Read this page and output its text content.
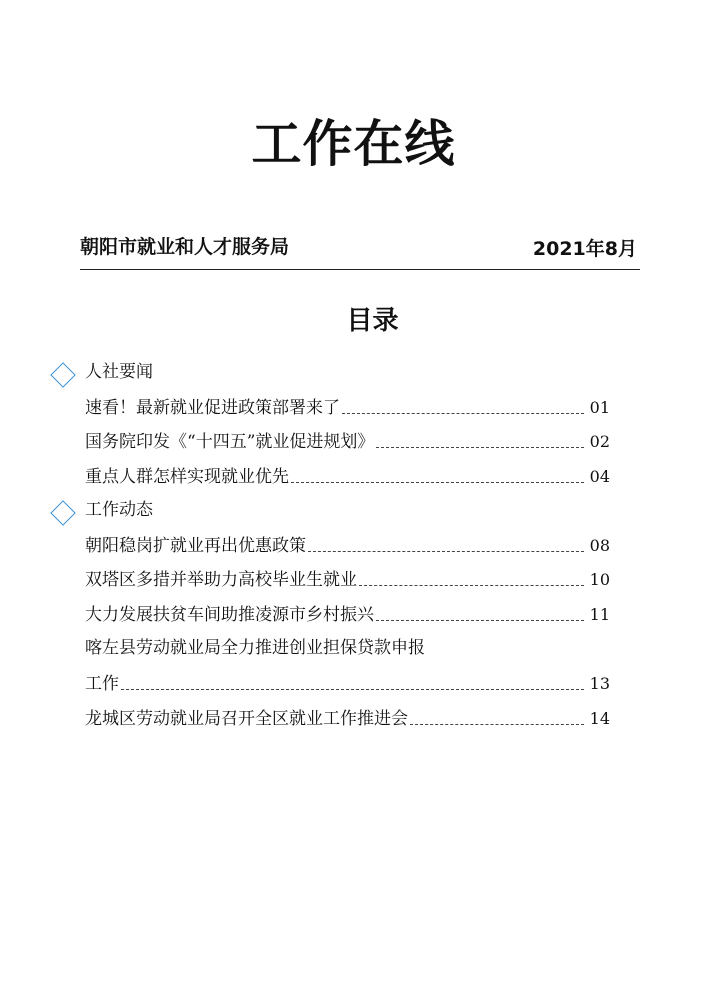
工作在线
朝阳市就业和人才服务局	2021年8月
目录
人社要闻
速看！最新就业促进政策部署来了	01
国务院印发《“十四五”就业促进规划》	02
重点人群怎样实现就业优先	04
工作动态
朝阳稳岗扩就业再出优惠政策	08
双塔区多措并举助力高校毕业生就业	10
大力发展扶贫车间助推凌源市乡村振兴	11
喀左县劳动就业局全力推进创业担保贷款申报
工作	13
龙城区劳动就业局召开全区就业工作推进会	14
